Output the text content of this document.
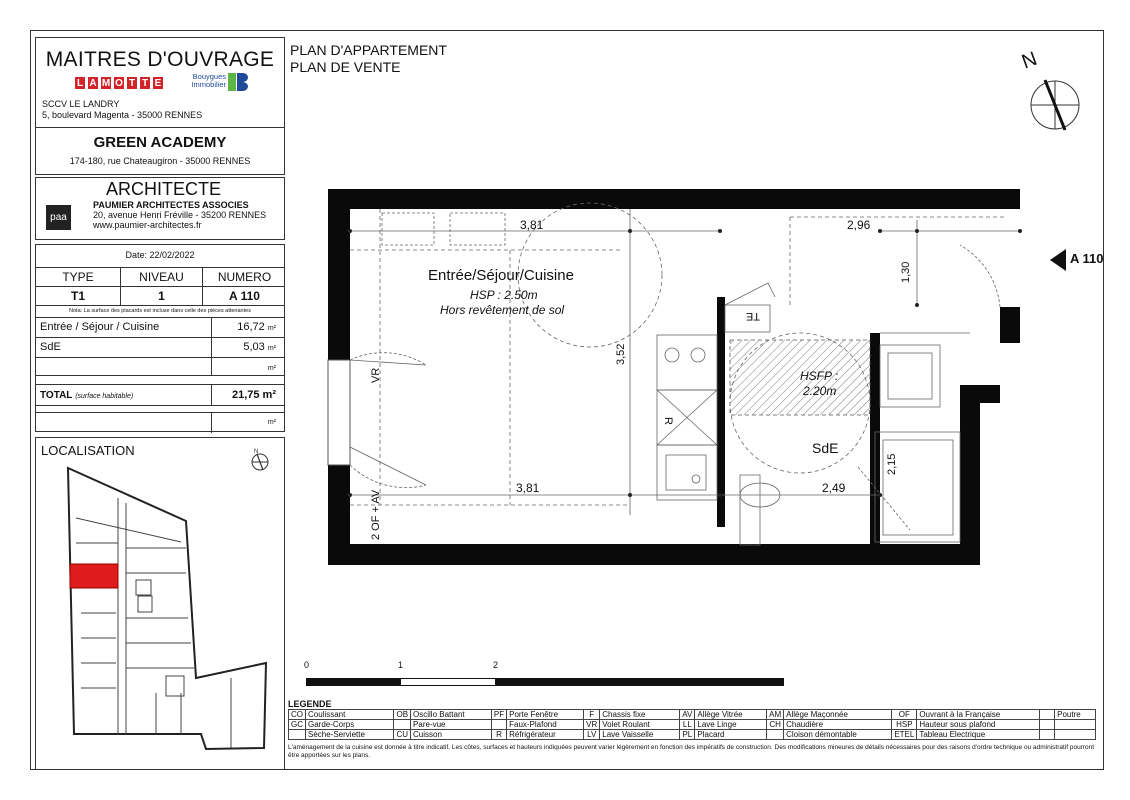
MAITRES D'OUVRAGE
L A M O T T E
Bouygues
Immobilier
SCCV LE LANDRY
5, boulevard Magenta - 35000 RENNES
GREEN ACADEMY
174-180, rue Chateaugiron - 35000 RENNES
ARCHITECTE
paa
PAUMIER ARCHITECTES ASSOCIES
20, avenue Henri Fréville - 35200 RENNES
www.paumier-architectes.fr
Date: 22/02/2022
TYPE	NIVEAU	NUMERO
T1	1	A 110
Nota: La surface des placards est incluse dans celle des pièces attenantes
Entrée / Séjour / Cuisine	16,72 m²
SdE	5,03 m²
m²
TOTAL (surface habitable)	21,75 m²
m²
LOCALISATION	N
PLAN D'APPARTEMENT
PLAN DE VENTE	N
A 110
3,81	2,96
1,30
3,52
3,81	2,49
2,15
Entrée/Séjour/Cuisine
HSP : 2.50m
Hors revêtement de sol
HSFP :
2.20m
SdE
VR
2 OF + AV
TE
R
0	1	2
LEGENDE
CO	Coulissant	OB	Oscillo Battant	PF	Porte Fenêtre	F	Chassis fixe	AV	Allège Vitrée	AM	Allège Maçonnée	OF	Ouvrant à la Française		Poutre
GC	Garde-Corps		Pare-vue		Faux-Plafond	VR	Volet Roulant	LL	Lave Linge	CH	Chaudière	HSP	Hauteur sous plafond		
	Sèche-Serviette	CU	Cuisson	R	Réfrigérateur	LV	Lave Vaisselle	PL	Placard		Cloison démontable	ETEL	Tableau Electrique		
L'aménagement de la cuisine est donnée à titre indicatif. Les côtes, surfaces et hauteurs indiquées peuvent varier légèrement en fonction des impératifs de construction. Des modifications mineures de détails nécessaires pour des raisons d'ordre technique ou administratif pourront être apportées sur les plans.
